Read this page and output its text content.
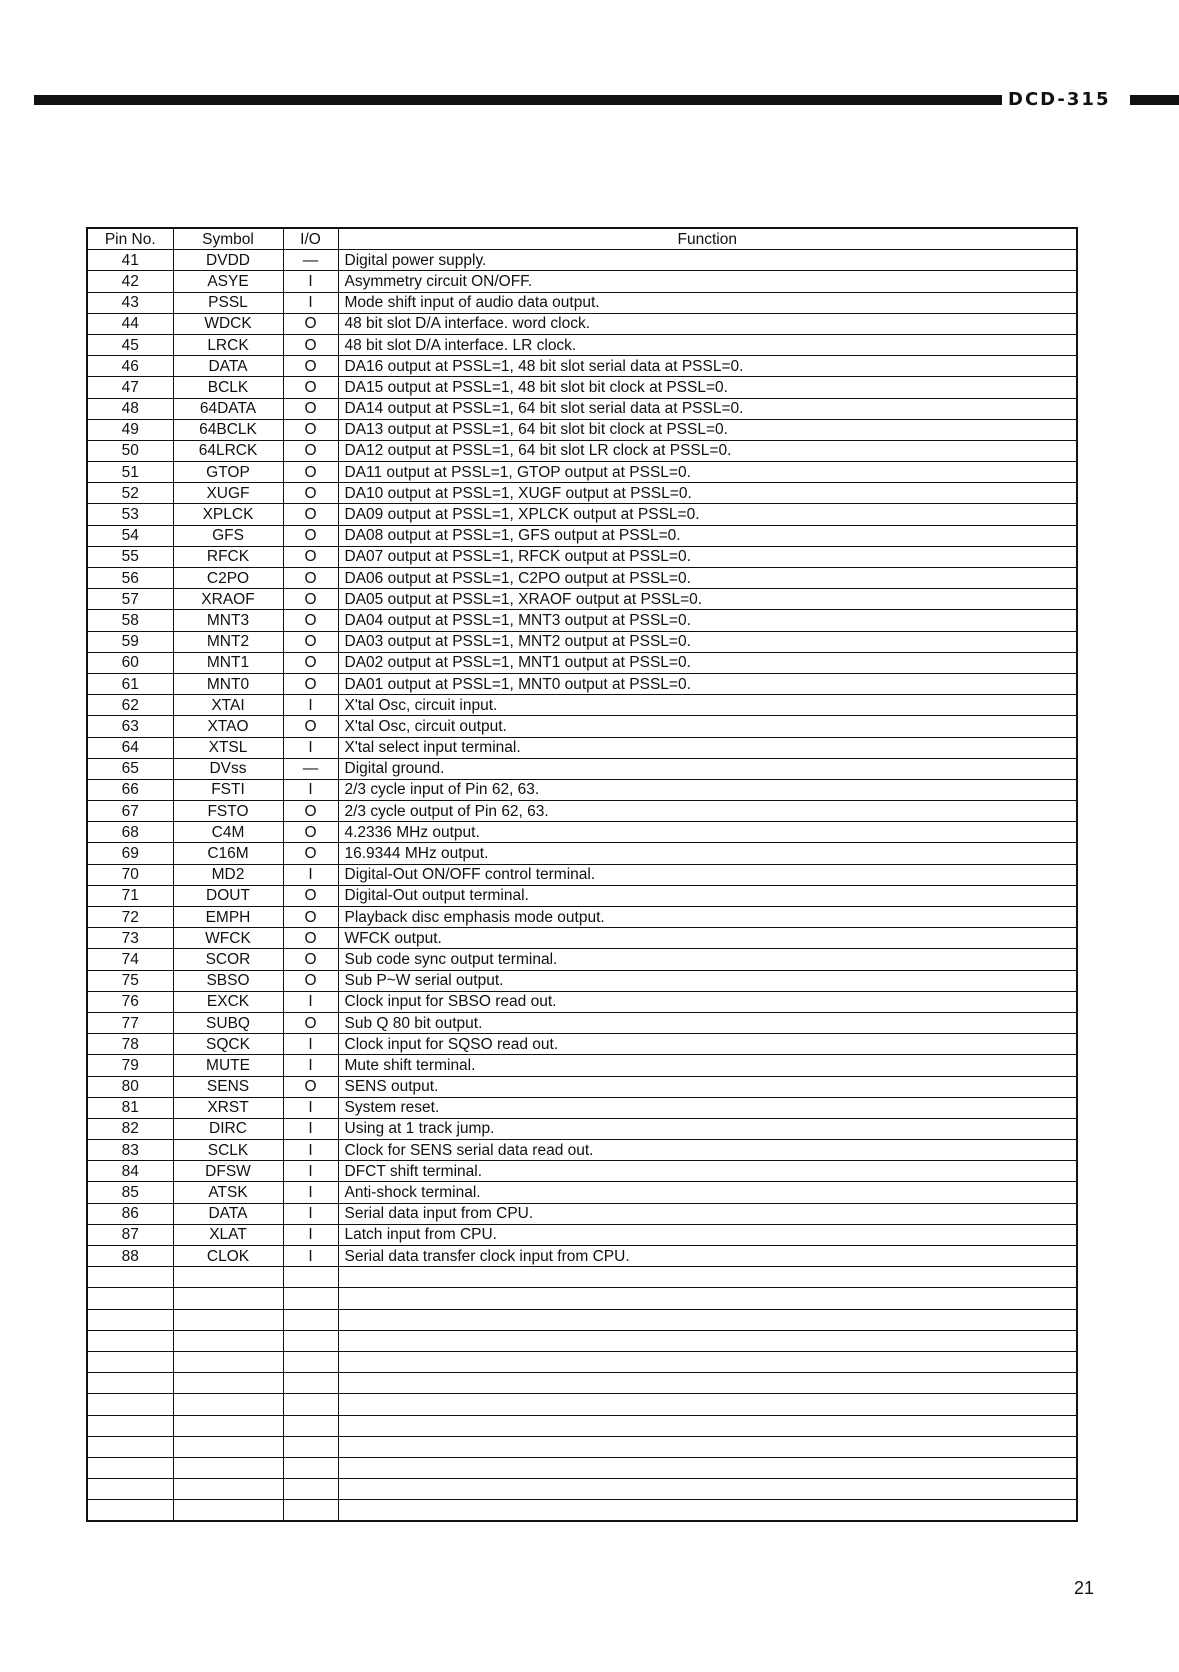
DCD-315
Pin No.	Symbol	I/O	Function
41	DVDD	—	Digital power supply.
42	ASYE	I	Asymmetry circuit ON/OFF.
43	PSSL	I	Mode shift input of audio data output.
44	WDCK	O	48 bit slot D/A interface. word clock.
45	LRCK	O	48 bit slot D/A interface. LR clock.
46	DATA	O	DA16 output at PSSL=1, 48 bit slot serial data at PSSL=0.
47	BCLK	O	DA15 output at PSSL=1, 48 bit slot bit clock at PSSL=0.
48	64DATA	O	DA14 output at PSSL=1, 64 bit slot serial data at PSSL=0.
49	64BCLK	O	DA13 output at PSSL=1, 64 bit slot bit clock at PSSL=0.
50	64LRCK	O	DA12 output at PSSL=1, 64 bit slot LR clock at PSSL=0.
51	GTOP	O	DA11 output at PSSL=1, GTOP output at PSSL=0.
52	XUGF	O	DA10 output at PSSL=1, XUGF output at PSSL=0.
53	XPLCK	O	DA09 output at PSSL=1, XPLCK output at PSSL=0.
54	GFS	O	DA08 output at PSSL=1, GFS output at PSSL=0.
55	RFCK	O	DA07 output at PSSL=1, RFCK output at PSSL=0.
56	C2PO	O	DA06 output at PSSL=1, C2PO output at PSSL=0.
57	XRAOF	O	DA05 output at PSSL=1, XRAOF output at PSSL=0.
58	MNT3	O	DA04 output at PSSL=1, MNT3 output at PSSL=0.
59	MNT2	O	DA03 output at PSSL=1, MNT2 output at PSSL=0.
60	MNT1	O	DA02 output at PSSL=1, MNT1 output at PSSL=0.
61	MNT0	O	DA01 output at PSSL=1, MNT0 output at PSSL=0.
62	XTAI	I	X'tal Osc, circuit input.
63	XTAO	O	X'tal Osc, circuit output.
64	XTSL	I	X'tal select input terminal.
65	DVss	—	Digital ground.
66	FSTI	I	2/3 cycle input of Pin 62, 63.
67	FSTO	O	2/3 cycle output of Pin 62, 63.
68	C4M	O	4.2336 MHz output.
69	C16M	O	16.9344 MHz output.
70	MD2	I	Digital-Out ON/OFF control terminal.
71	DOUT	O	Digital-Out output terminal.
72	EMPH	O	Playback disc emphasis mode output.
73	WFCK	O	WFCK output.
74	SCOR	O	Sub code sync output terminal.
75	SBSO	O	Sub P~W serial output.
76	EXCK	I	Clock input for SBSO read out.
77	SUBQ	O	Sub Q 80 bit output.
78	SQCK	I	Clock input for SQSO read out.
79	MUTE	I	Mute shift terminal.
80	SENS	O	SENS output.
81	XRST	I	System reset.
82	DIRC	I	Using at 1 track jump.
83	SCLK	I	Clock for SENS serial data read out.
84	DFSW	I	DFCT shift terminal.
85	ATSK	I	Anti-shock terminal.
86	DATA	I	Serial data input from CPU.
87	XLAT	I	Latch input from CPU.
88	CLOK	I	Serial data transfer clock input from CPU.

21
